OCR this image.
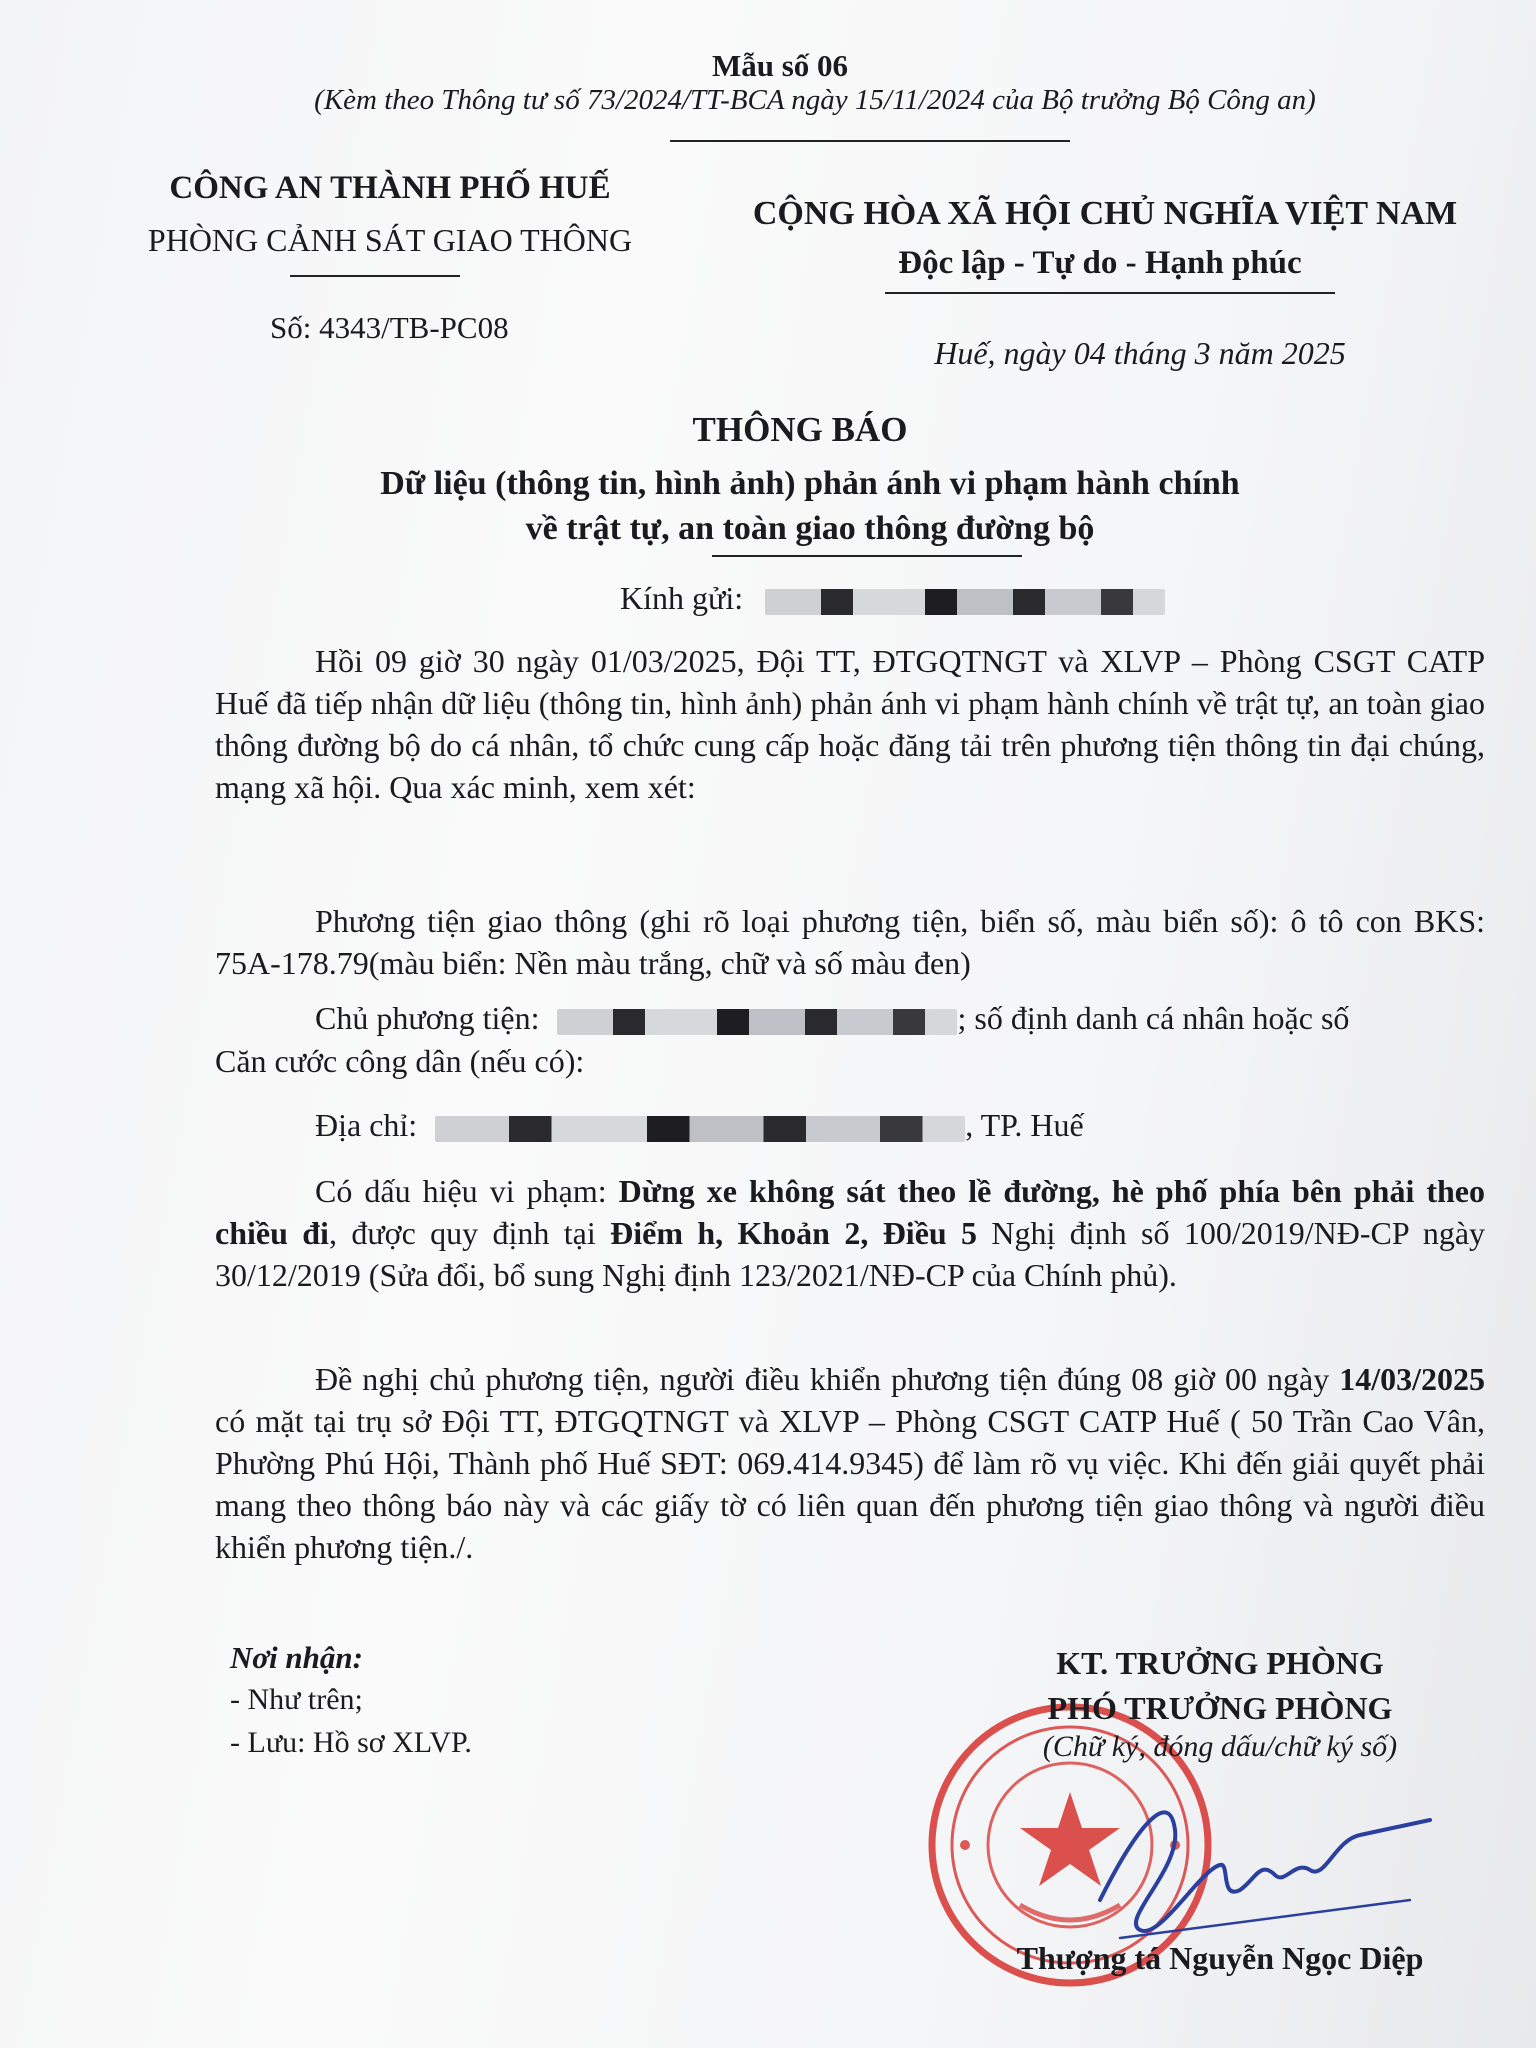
Mẫu số 06
(Kèm theo Thông tư số 73/2024/TT-BCA ngày 15/11/2024 của Bộ trưởng Bộ Công an)
CÔNG AN THÀNH PHỐ HUẾ
PHÒNG CẢNH SÁT GIAO THÔNG
Số: 4343/TB-PC08
CỘNG HÒA XÃ HỘI CHỦ NGHĨA VIỆT NAM
Độc lập - Tự do - Hạnh phúc
Huế, ngày 04 tháng 3 năm 2025
THÔNG BÁO
Dữ liệu (thông tin, hình ảnh) phản ánh vi phạm hành chính
về trật tự, an toàn giao thông đường bộ
Kính gửi:
Hồi 09 giờ 30 ngày 01/03/2025, Đội TT, ĐTGQTNGT và XLVP – Phòng CSGT CATP Huế đã tiếp nhận dữ liệu (thông tin, hình ảnh) phản ánh vi phạm hành chính về trật tự, an toàn giao thông đường bộ do cá nhân, tổ chức cung cấp hoặc đăng tải trên phương tiện thông tin đại chúng, mạng xã hội. Qua xác minh, xem xét:
Phương tiện giao thông (ghi rõ loại phương tiện, biển số, màu biển số): ô tô con BKS: 75A-178.79(màu biển: Nền màu trắng, chữ và số màu đen)
Chủ phương tiện:	; số định danh cá nhân hoặc số
Căn cước công dân (nếu có):
Địa chỉ:	, TP. Huế
Có dấu hiệu vi phạm: Dừng xe không sát theo lề đường, hè phố phía bên phải theo chiều đi, được quy định tại Điểm h, Khoản 2, Điều 5 Nghị định số 100/2019/NĐ-CP ngày 30/12/2019 (Sửa đổi, bổ sung Nghị định 123/2021/NĐ-CP của Chính phủ).
Đề nghị chủ phương tiện, người điều khiển phương tiện đúng 08 giờ 00 ngày 14/03/2025 có mặt tại trụ sở Đội TT, ĐTGQTNGT và XLVP – Phòng CSGT CATP Huế ( 50 Trần Cao Vân, Phường Phú Hội, Thành phố Huế SĐT: 069.414.9345) để làm rõ vụ việc. Khi đến giải quyết phải mang theo thông báo này và các giấy tờ có liên quan đến phương tiện giao thông và người điều khiển phương tiện./.
Nơi nhận:
- Như trên;
- Lưu: Hồ sơ XLVP.
KT. TRƯỞNG PHÒNG
PHÓ TRƯỞNG PHÒNG
(Chữ ký, đóng dấu/chữ ký số)
Thượng tá Nguyễn Ngọc Diệp
